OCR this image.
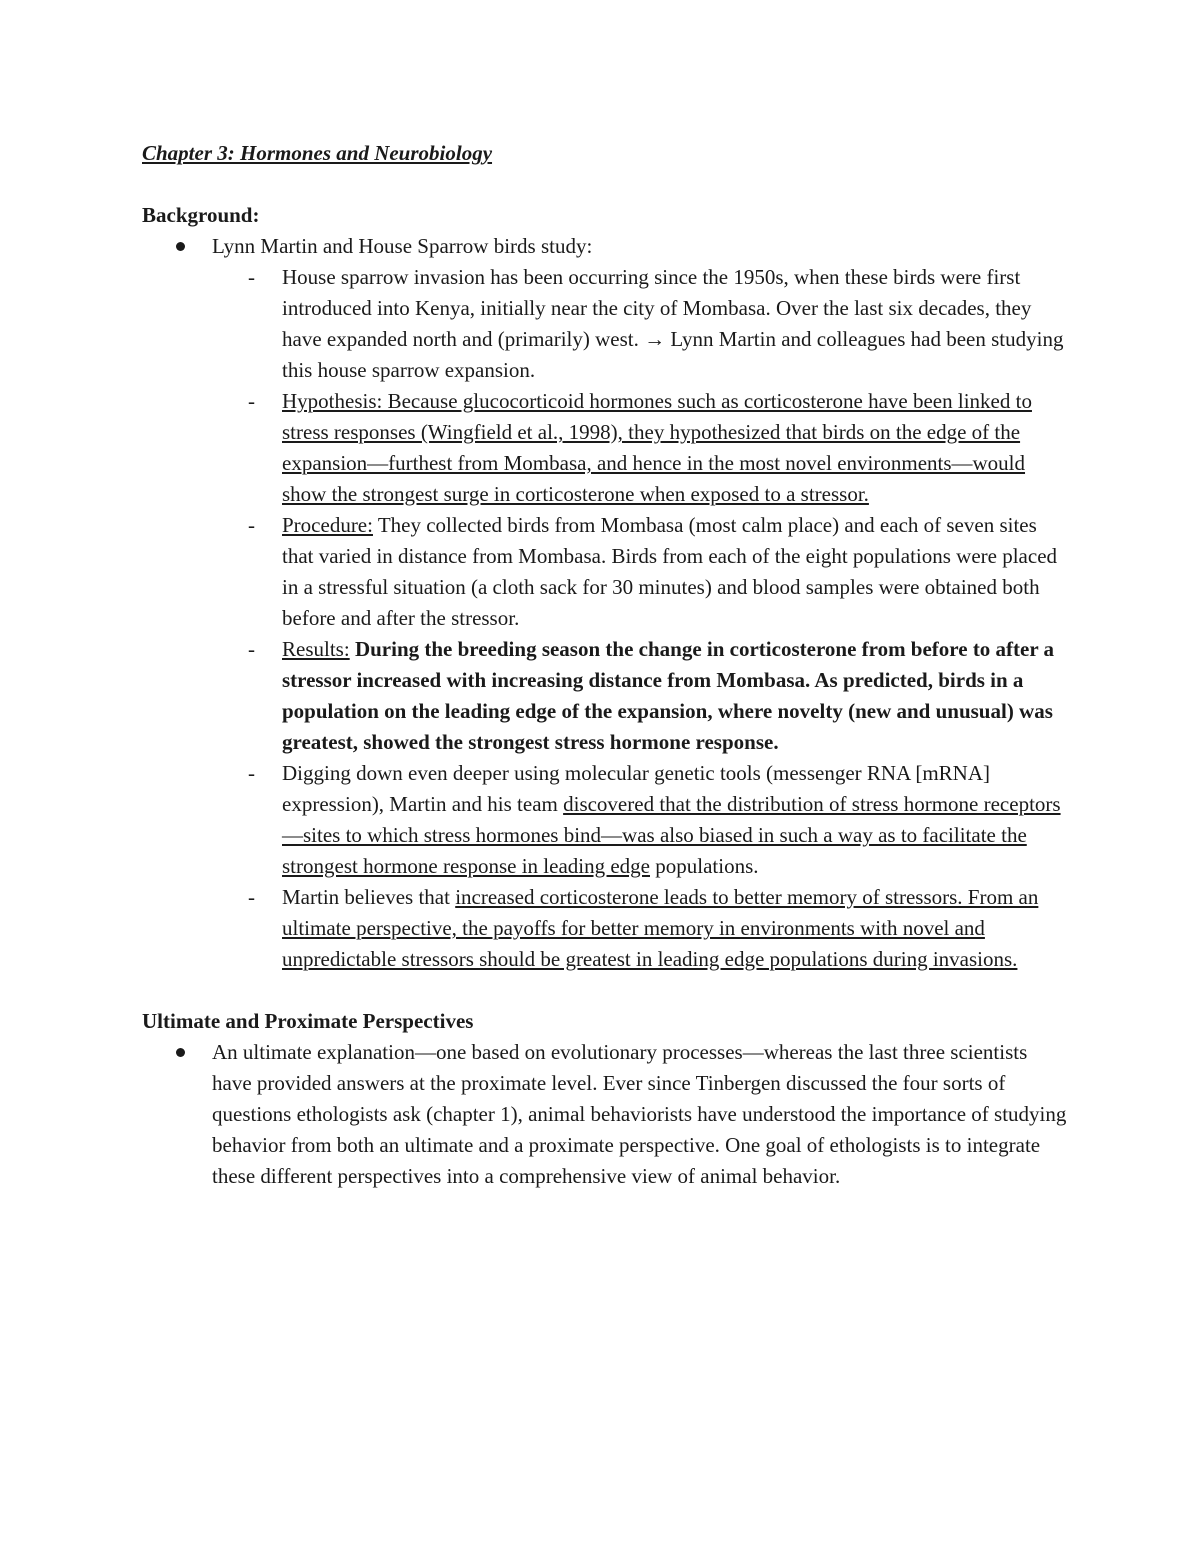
Chapter 3: Hormones and Neurobiology

Background:

Lynn Martin and House Sparrow birds study:
- House sparrow invasion has been occurring since the 1950s, when these birds were first introduced into Kenya, initially near the city of Mombasa. Over the last six decades, they have expanded north and (primarily) west. → Lynn Martin and colleagues had been studying this house sparrow expansion.
- Hypothesis: Because glucocorticoid hormones such as corticosterone have been linked to stress responses (Wingfield et al., 1998), they hypothesized that birds on the edge of the expansion—furthest from Mombasa, and hence in the most novel environments—would show the strongest surge in corticosterone when exposed to a stressor.
- Procedure: They collected birds from Mombasa (most calm place) and each of seven sites that varied in distance from Mombasa. Birds from each of the eight populations were placed in a stressful situation (a cloth sack for 30 minutes) and blood samples were obtained both before and after the stressor.
- Results: During the breeding season the change in corticosterone from before to after a stressor increased with increasing distance from Mombasa. As predicted, birds in a population on the leading edge of the expansion, where novelty (new and unusual) was greatest, showed the strongest stress hormone response.
- Digging down even deeper using molecular genetic tools (messenger RNA [mRNA] expression), Martin and his team discovered that the distribution of stress hormone receptors—sites to which stress hormones bind—was also biased in such a way as to facilitate the strongest hormone response in leading edge populations.
- Martin believes that increased corticosterone leads to better memory of stressors. From an ultimate perspective, the payoffs for better memory in environments with novel and unpredictable stressors should be greatest in leading edge populations during invasions.

Ultimate and Proximate Perspectives

An ultimate explanation—one based on evolutionary processes—whereas the last three scientists have provided answers at the proximate level. Ever since Tinbergen discussed the four sorts of questions ethologists ask (chapter 1), animal behaviorists have understood the importance of studying behavior from both an ultimate and a proximate perspective. One goal of ethologists is to integrate these different perspectives into a comprehensive view of animal behavior.
